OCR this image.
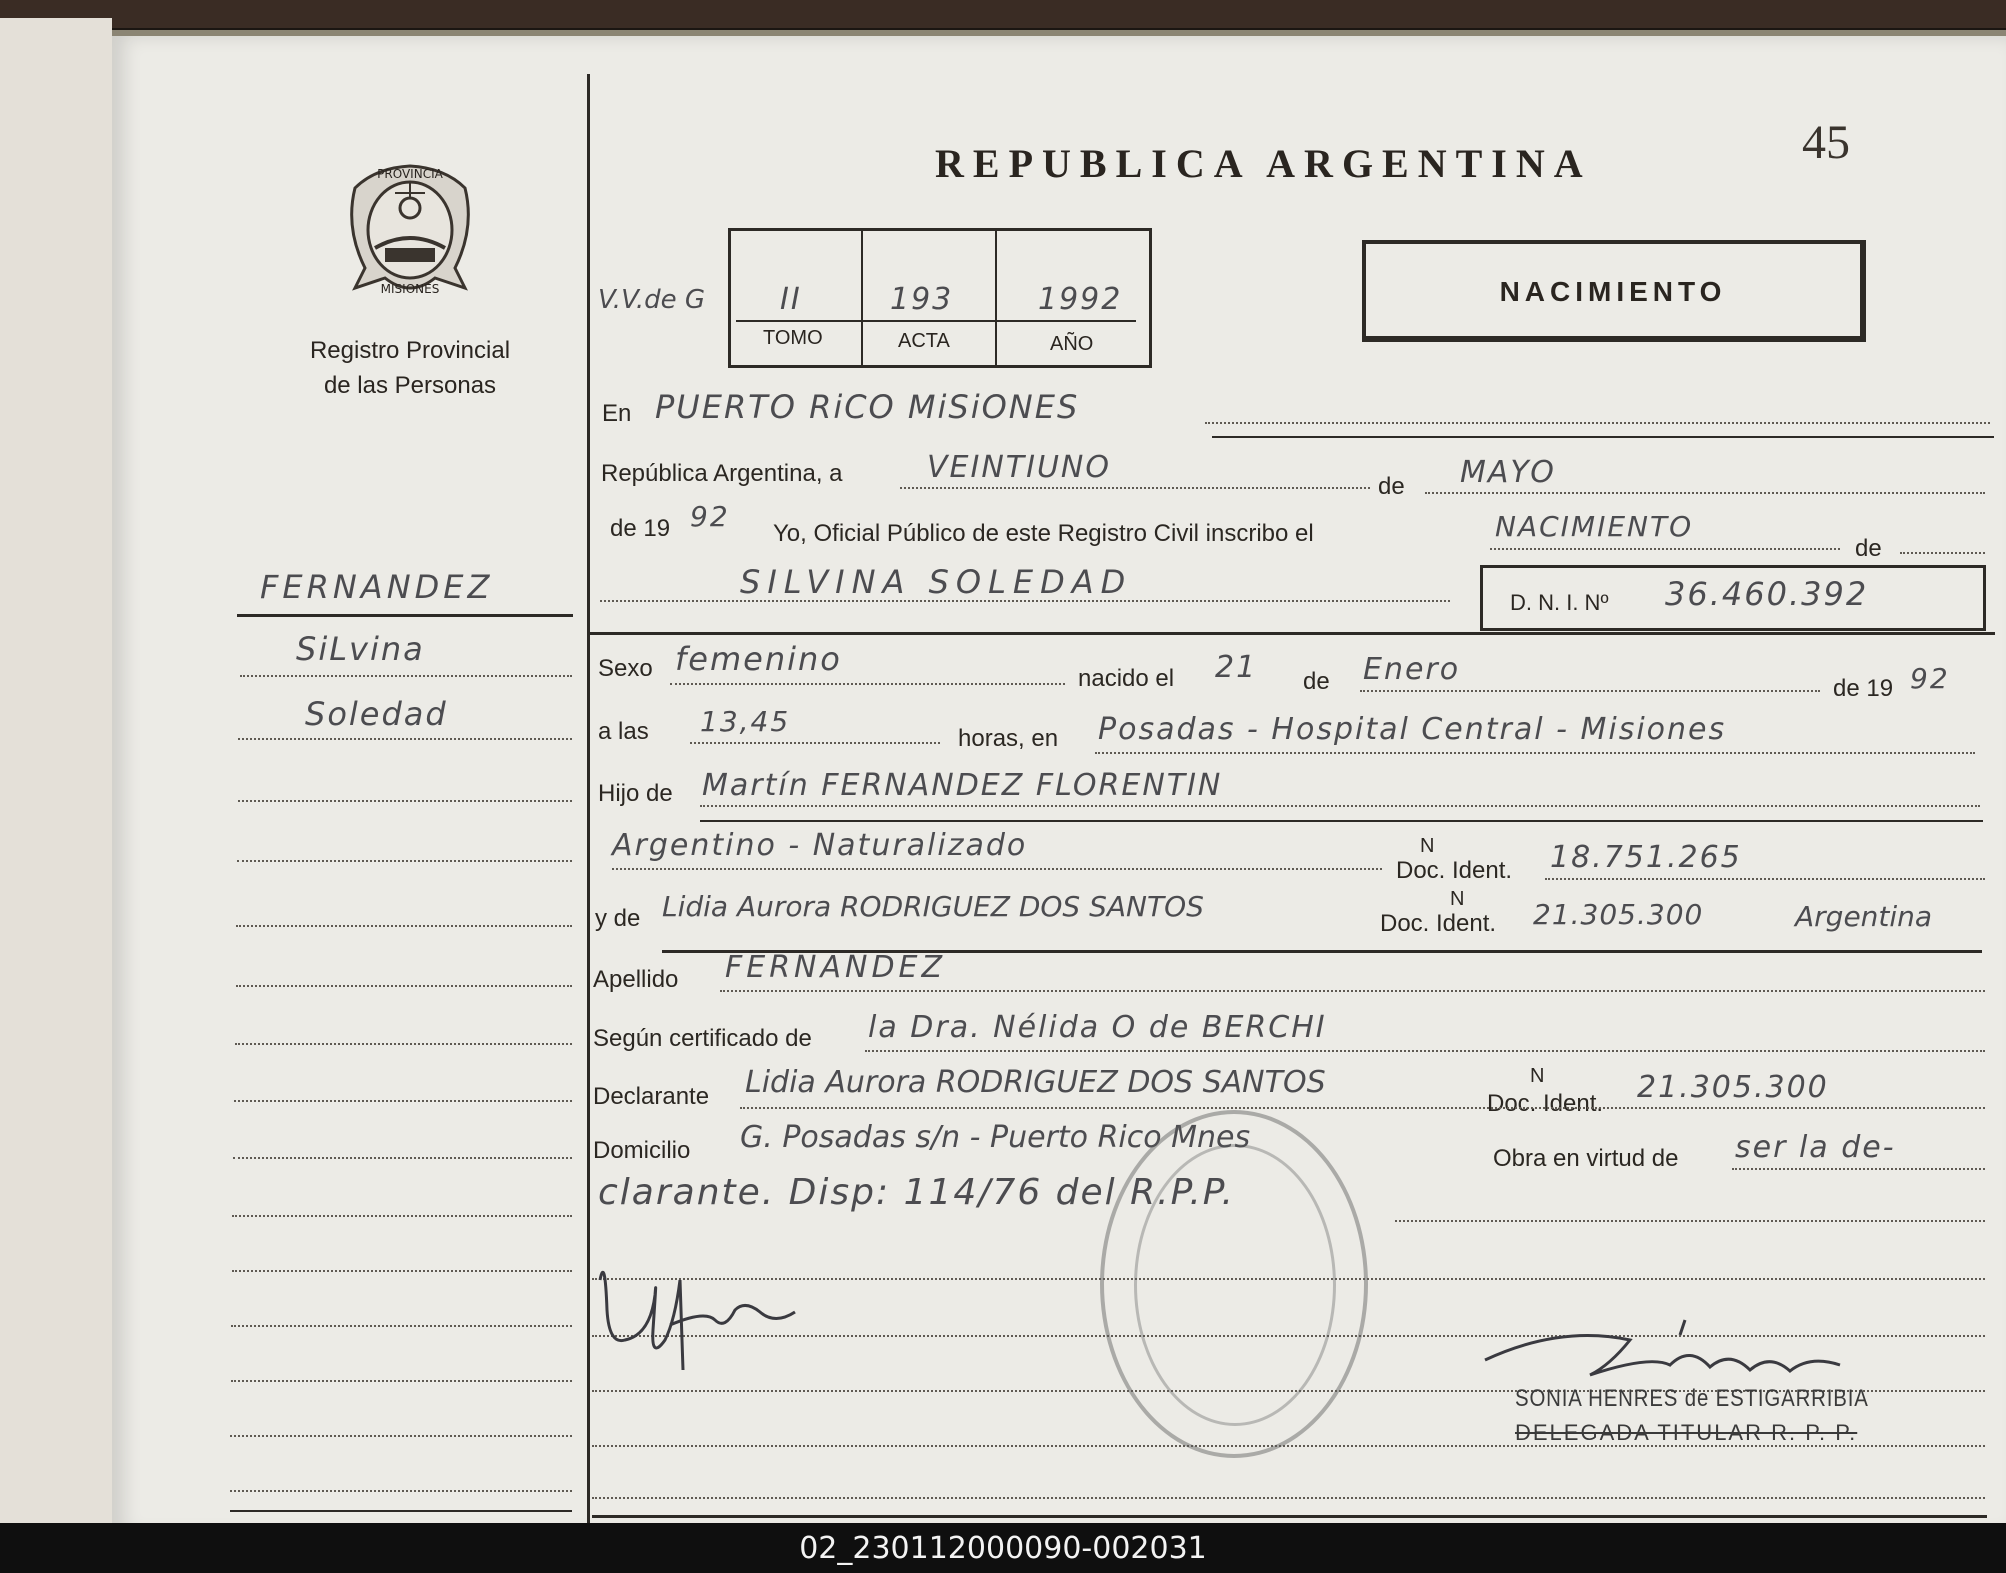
PROVINCIA
MISIONES
Registro Provincial
de las Personas
FERNANDEZ
SiLvina
Soledad
REPUBLICA ARGENTINA	45
V.V.de G II	193	1992
TOMO	ACTA	AÑO
NACIMIENTO
En PUERTO RiCO MiSiONES
República Argentina, a	VEINTIUNO
de MAYO
de 19 92
Yo, Oficial Público de este Registro Civil inscribo el	NACIMIENTO
de
SILVINA SOLEDAD
D. N. I. Nº 36.460.392
Sexo femenino
nacido el 21 de Enero
de 19 92
a las 13,45
horas, en Posadas - Hospital Central - Misiones
Hijo de Martín FERNANDEZ FLORENTIN
Argentino - Naturalizado	N
Doc. Ident. 18.751.265
y de Lidia Aurora RODRIGUEZ DOS SANTOS	N
Doc. Ident. 21.305.300	Argentina
Apellido FERNANDEZ
Según certificado de la Dra. Nélida O de BERCHI
Declarante Lidia Aurora RODRIGUEZ DOS SANTOS	N
Doc. Ident. 21.305.300
Domicilio G. Posadas s/n - Puerto Rico Mnes
Obra en virtud de ser la de-
clarante. Disp: 114/76 del R.P.P.
SONIA HENRES de ESTIGARRIBIA
DELEGADA TITULAR R. P. P.
02_230112000090-002031
